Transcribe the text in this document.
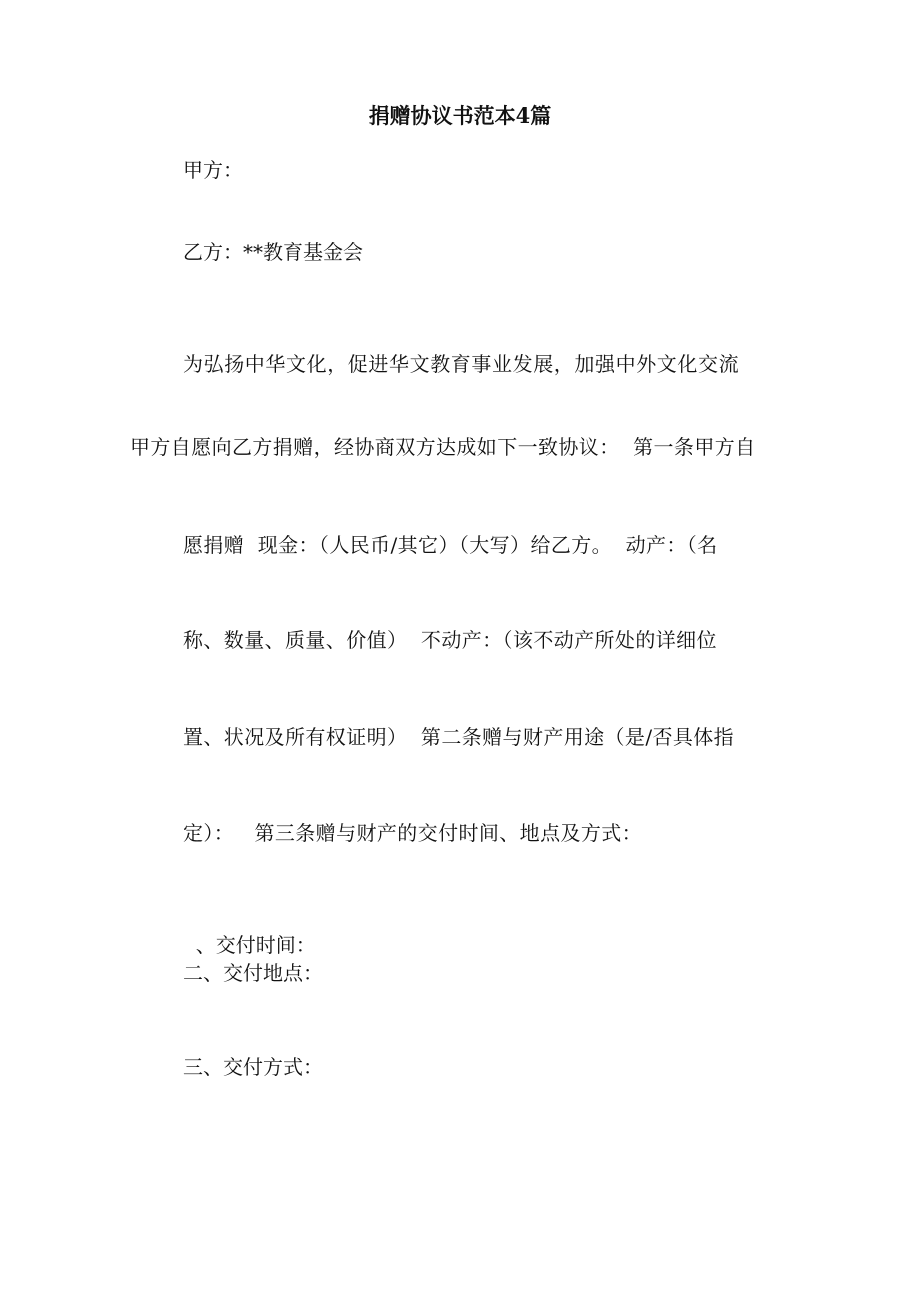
捐赠协议书范本4篇
甲方：
乙方：**教育基金会
为弘扬中华文化，促进华文教育事业发展，加强中外文化交流
甲方自愿向乙方捐赠，经协商双方达成如下一致协议：  第一条甲方自
愿捐赠  现金：（人民币/其它）（大写）给乙方。  动产：（名
称、数量、质量、价值）  不动产：（该不动产所处的详细位
置、状况及所有权证明）  第二条赠与财产用途（是/否具体指
定）：   第三条赠与财产的交付时间、地点及方式：
、交付时间：
二、交付地点：
三、交付方式：
